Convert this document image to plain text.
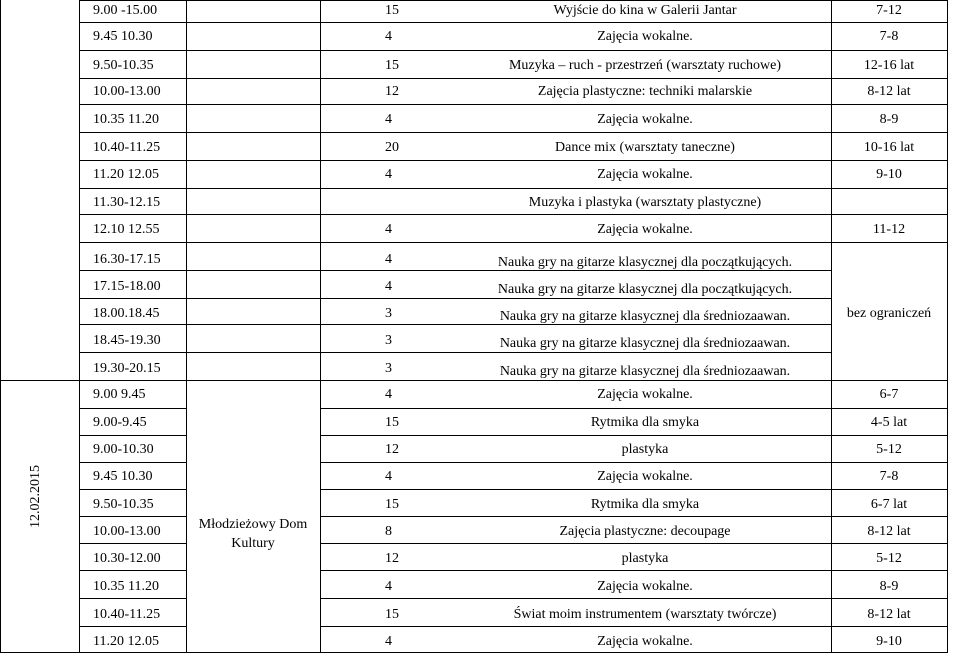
9.00 -15.00	15	Wyjście do kina w Galerii Jantar	7-12
9.45 10.30	4	Zajęcia wokalne.	7-8
9.50-10.35	15	Muzyka – ruch - przestrzeń (warsztaty ruchowe)	12-16 lat
10.00-13.00	12	Zajęcia plastyczne: techniki malarskie	8-12 lat
10.35 11.20	4	Zajęcia wokalne.	8-9
10.40-11.25	20	Dance mix (warsztaty taneczne)	10-16 lat
11.20 12.05	4	Zajęcia wokalne.	9-10
11.30-12.15	Muzyka i plastyka (warsztaty plastyczne)
12.10 12.55	4	Zajęcia wokalne.	11-12
16.30-17.15	4	Nauka gry na gitarze klasycznej dla początkujących.
17.15-18.00	4	Nauka gry na gitarze klasycznej dla początkujących.
18.00.18.45	3	Nauka gry na gitarze klasycznej dla średniozaawan.	bez ograniczeń
18.45-19.30	3	Nauka gry na gitarze klasycznej dla średniozaawan.
19.30-20.15	3	Nauka gry na gitarze klasycznej dla średniozaawan.
9.00 9.45	4	Zajęcia wokalne.	6-7
9.00-9.45	15	Rytmika dla smyka	4-5 lat
9.00-10.30	12	plastyka	5-12
9.45 10.30	4	Zajęcia wokalne.	7-8
9.50-10.35	15	Rytmika dla smyka	6-7 lat
10.00-13.00	8	Zajęcia plastyczne: decoupage	8-12 lat
10.30-12.00	12	plastyka	5-12
10.35 11.20	4	Zajęcia wokalne.	8-9
10.40-11.25	15	Świat moim instrumentem (warsztaty twórcze)	8-12 lat
11.20 12.05	4	Zajęcia wokalne.	9-10
12.02.2015	Młodzieżowy Dom Kultury
